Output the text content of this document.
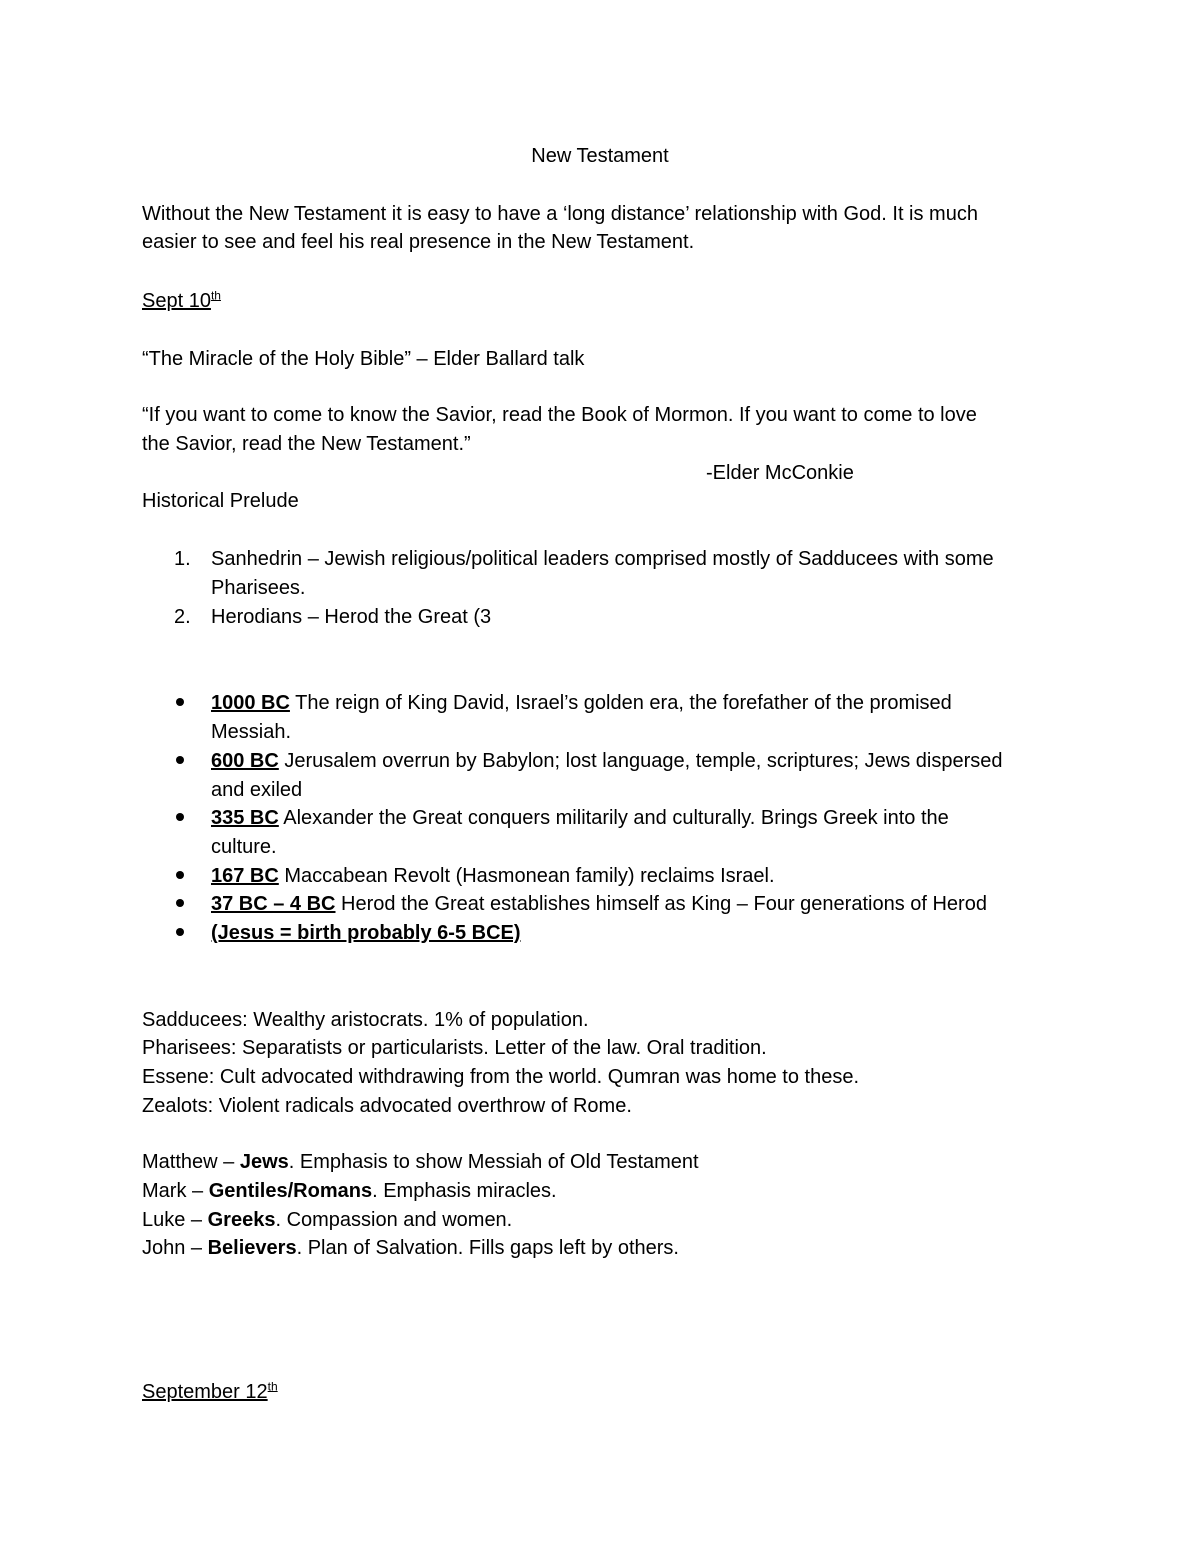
New Testament
Without the New Testament it is easy to have a ‘long distance’ relationship with God. It is much
easier to see and feel his real presence in the New Testament.
Sept 10th
“The Miracle of the Holy Bible” – Elder Ballard talk
“If you want to come to know the Savior, read the Book of Mormon. If you want to come to love
the Savior, read the New Testament.”
-Elder McConkie
Historical Prelude
1.	Sanhedrin – Jewish religious/political leaders comprised mostly of Sadducees with some
Pharisees.
2.	Herodians – Herod the Great (3
1000 BC The reign of King David, Israel’s golden era, the forefather of the promised
Messiah.
600 BC Jerusalem overrun by Babylon; lost language, temple, scriptures; Jews dispersed
and exiled
335 BC Alexander the Great conquers militarily and culturally. Brings Greek into the
culture.
167 BC Maccabean Revolt (Hasmonean family) reclaims Israel.
37 BC – 4 BC Herod the Great establishes himself as King – Four generations of Herod
(Jesus = birth probably 6-5 BCE)
Sadducees: Wealthy aristocrats. 1% of population.
Pharisees: Separatists or particularists. Letter of the law. Oral tradition.
Essene: Cult advocated withdrawing from the world. Qumran was home to these.
Zealots: Violent radicals advocated overthrow of Rome.
Matthew – Jews. Emphasis to show Messiah of Old Testament
Mark – Gentiles/Romans. Emphasis miracles.
Luke – Greeks. Compassion and women.
John – Believers. Plan of Salvation. Fills gaps left by others.
September 12th
